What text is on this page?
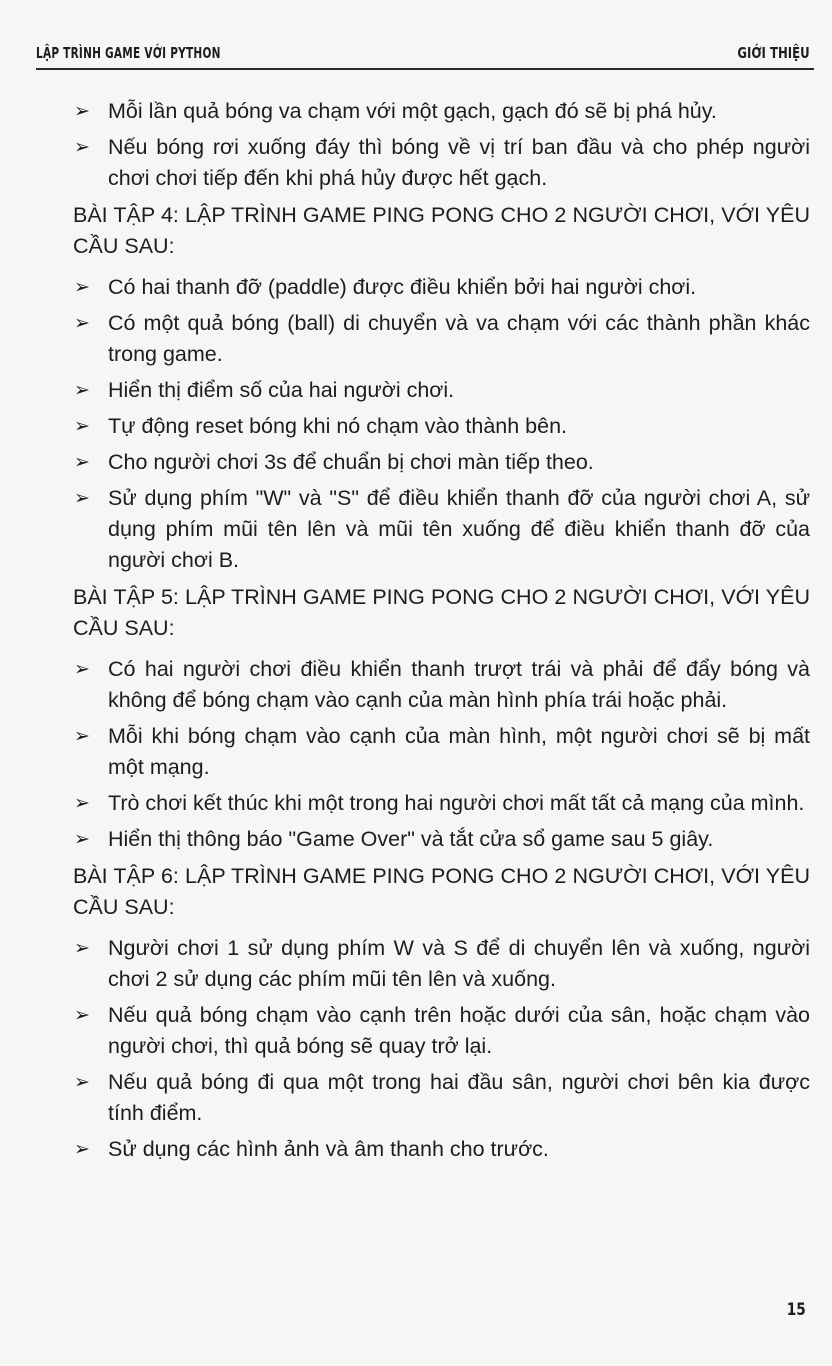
LẬP TRÌNH GAME VỚI PYTHON	GIỚI THIỆU
➢ Mỗi lần quả bóng va chạm với một gạch, gạch đó sẽ bị phá hủy.
➢ Nếu bóng rơi xuống đáy thì bóng về vị trí ban đầu và cho phép người chơi chơi tiếp đến khi phá hủy được hết gạch.
BÀI TẬP 4: LẬP TRÌNH GAME PING PONG CHO 2 NGƯỜI CHƠI, VỚI YÊU CẦU SAU:
➢ Có hai thanh đỡ (paddle) được điều khiển bởi hai người chơi.
➢ Có một quả bóng (ball) di chuyển và va chạm với các thành phần khác trong game.
➢ Hiển thị điểm số của hai người chơi.
➢ Tự động reset bóng khi nó chạm vào thành bên.
➢ Cho người chơi 3s để chuẩn bị chơi màn tiếp theo.
➢ Sử dụng phím "W" và "S" để điều khiển thanh đỡ của người chơi A, sử dụng phím mũi tên lên và mũi tên xuống để điều khiển thanh đỡ của người chơi B.
BÀI TẬP 5: LẬP TRÌNH GAME PING PONG CHO 2 NGƯỜI CHƠI, VỚI YÊU CẦU SAU:
➢ Có hai người chơi điều khiển thanh trượt trái và phải để đẩy bóng và không để bóng chạm vào cạnh của màn hình phía trái hoặc phải.
➢ Mỗi khi bóng chạm vào cạnh của màn hình, một người chơi sẽ bị mất một mạng.
➢ Trò chơi kết thúc khi một trong hai người chơi mất tất cả mạng của mình.
➢ Hiển thị thông báo "Game Over" và tắt cửa sổ game sau 5 giây.
BÀI TẬP 6: LẬP TRÌNH GAME PING PONG CHO 2 NGƯỜI CHƠI, VỚI YÊU CẦU SAU:
➢ Người chơi 1 sử dụng phím W và S để di chuyển lên và xuống, người chơi 2 sử dụng các phím mũi tên lên và xuống.
➢ Nếu quả bóng chạm vào cạnh trên hoặc dưới của sân, hoặc chạm vào người chơi, thì quả bóng sẽ quay trở lại.
➢ Nếu quả bóng đi qua một trong hai đầu sân, người chơi bên kia được tính điểm.
➢ Sử dụng các hình ảnh và âm thanh cho trước.
15
